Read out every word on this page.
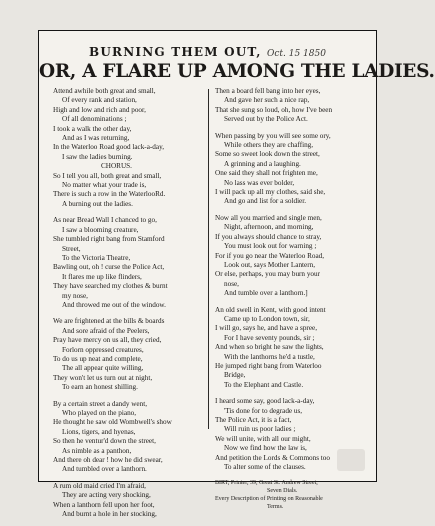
BURNING THEM OUT, Oct. 15 1850
OR, A FLARE UP AMONG THE LADIES.
Attend awhile both great and small,
Of every rank and station,
High and low and rich and poor,
Of all denominations ;
I took a walk the other day,
And as I was returning,
In the Waterloo Road good lack-a-day,
I saw the ladies burning.
CHORUS.
So I tell you all, both great and small,
No matter what your trade is,
There is such a row in the WaterlooRd.
A burning out the ladies.
As near Bread Wall I chanced to go,
I saw a blooming creature,
She tumbled right bang from Stamford
Street,
To the Victoria Theatre,
Bawling out, oh ! curse the Police Act,
It flares me up like flinders,
They have searched my clothes & burnt
my nose,
And throwed me out of the window.
We are frightened at the bills & boards
And sore afraid of the Peelers,
Pray have mercy on us all, they cried,
Forlorn oppressed creatures,
To do us up neat and complete,
The all appear quite willing,
They won't let us turn out at night,
To earn an honest shilling.
By a certain street a dandy went,
Who played on the piano,
He thought he saw old Wombwell's show
Lions, tigers, and hyenas,
So then he ventur'd down the street,
As nimble as a panthon,
And there oh dear ! how he did swear,
And tumbled over a lanthorn.
A rum old maid cried I'm afraid,
They are acting very shocking,
When a lanthorn fell upon her foot,
And burnt a hole in her stocking,
Then a board fell bang into her eyes,
And gave her such a nice rap,
That she sung so loud, oh, how I've been
Served out by the Police Act.
When passing by you will see some ory,
While others they are chaffing,
Some so sweet look down the street,
A grinning and a laughing.
One said they shall not frighten me,
No lass was ever bolder,
I will pack up all my clothes, said she,
And go and list for a soldier.
Now all you married and single men,
Night, afternoon, and morning,
If you always should chance to stray,
You must look out for warning ;
For if you go near the Waterloo Road,
Look out, says Mother Lantern,
Or else, perhaps, you may burn your
nose,
And tumble over a lanthorn.]
An old swell in Kent, with good intent
Came up to London town, sir,
I will go, says he, and have a spree,
For I have seventy pounds, sir ;
And when so bright he saw the lights,
With the lanthorns he'd a tustle,
He jumped right bang from Waterloo
Bridge,
To the Elephant and Castle.
I heard some say, good lack-a-day,
'Tis done for to degrade us,
The Police Act, it is a fact,
Will ruin us poor ladies ;
We will unite, with all our might,
Now we find how the law is,
And petition the Lords & Commons too
To alter some of the clauses.
BIRT, Printer, 39, Great St. Andrew Street,
Seven Dials.
Every Description of Printing on Reasonable
Terms.
